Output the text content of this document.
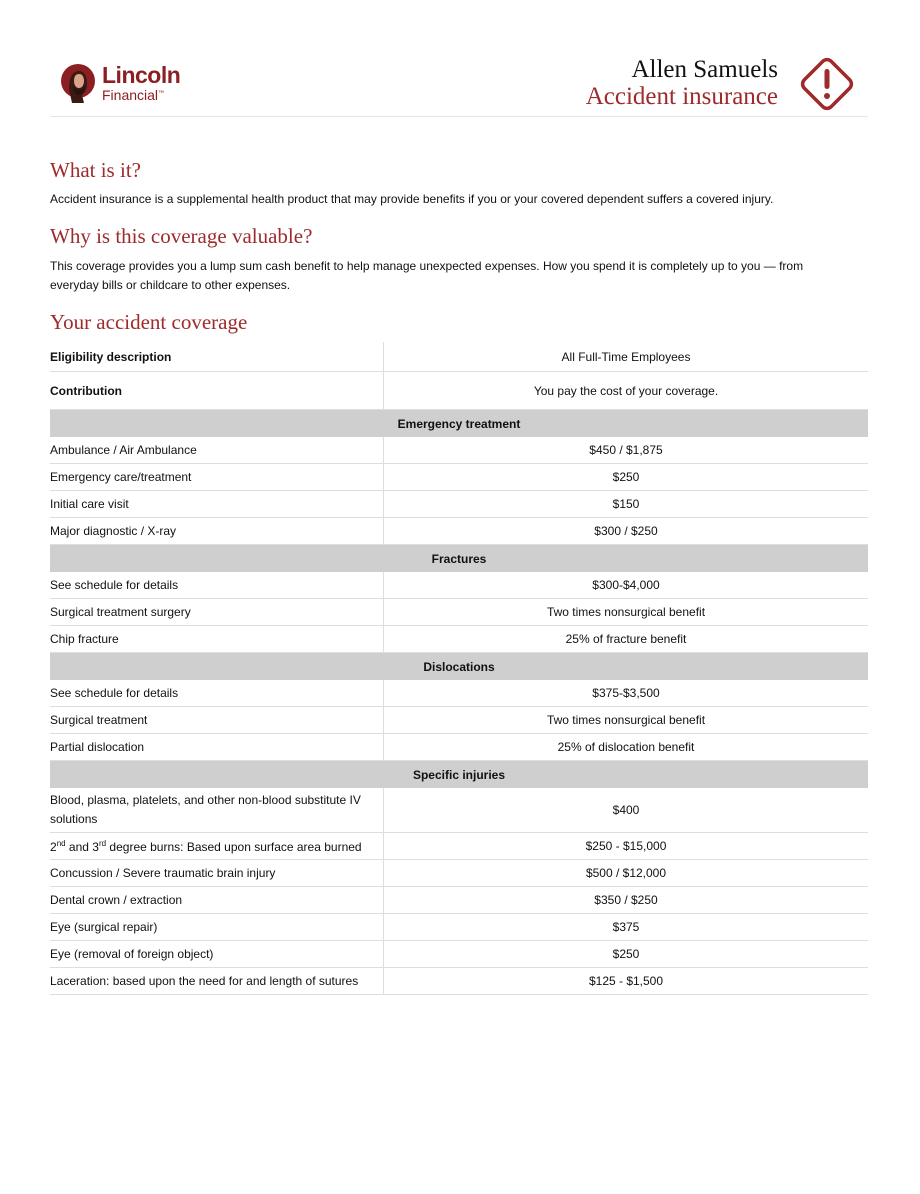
Lincoln
Financial™
Allen Samuels
Accident insurance
What is it?
Accident insurance is a supplemental health product that may provide benefits if you or your covered dependent suffers a covered injury.
Why is this coverage valuable?
This coverage provides you a lump sum cash benefit to help manage unexpected expenses. How you spend it is completely up to you — from everyday bills or childcare to other expenses.
Your accident coverage
Eligibility description	All Full-Time Employees
Contribution	You pay the cost of your coverage.
Emergency treatment	
Ambulance / Air Ambulance	$450 / $1,875
Emergency care/treatment	$250
Initial care visit	$150
Major diagnostic / X-ray	$300 / $250
Fractures	
See schedule for details	$300-$4,000
Surgical treatment surgery	Two times nonsurgical benefit
Chip fracture	25% of fracture benefit
Dislocations	
See schedule for details	$375-$3,500
Surgical treatment	Two times nonsurgical benefit
Partial dislocation	25% of dislocation benefit
Specific injuries	
Blood, plasma, platelets, and other non-blood substitute IV solutions	$400
2nd and 3rd degree burns: Based upon surface area burned	$250 - $15,000
Concussion / Severe traumatic brain injury	$500 / $12,000
Dental crown / extraction	$350 / $250
Eye (surgical repair)	$375
Eye (removal of foreign object)	$250
Laceration: based upon the need for and length of sutures	$125 - $1,500
